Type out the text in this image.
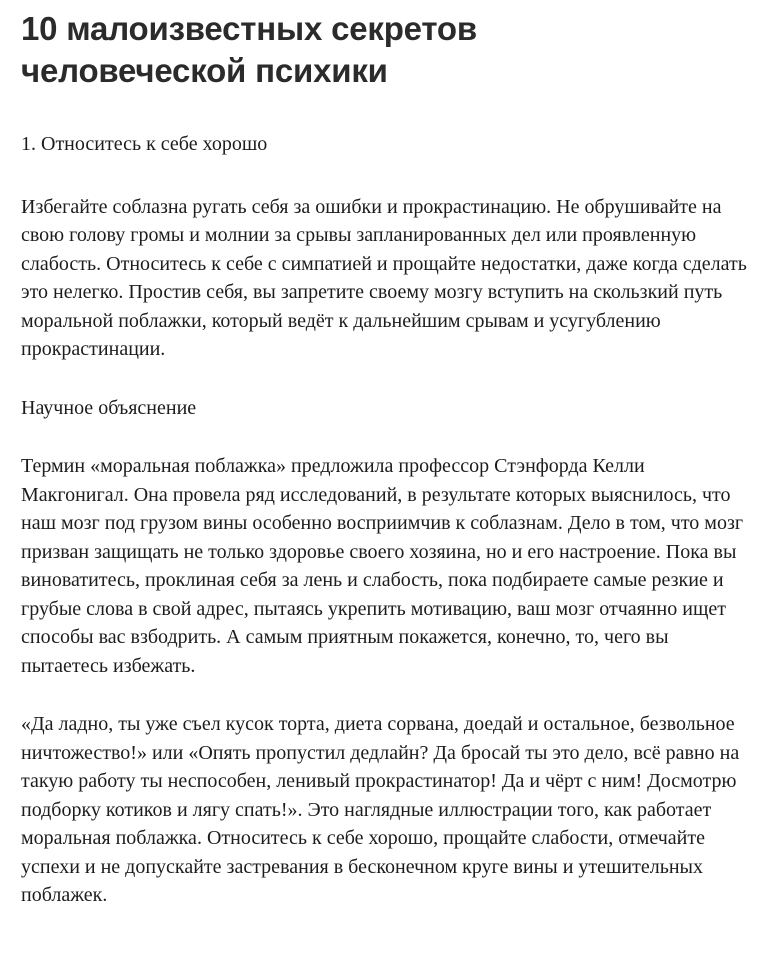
10 малоизвестных секретов человеческой психики

1. Относитесь к себе хорошо

Избегайте соблазна ругать себя за ошибки и прокрастинацию. Не обрушивайте на свою голову громы и молнии за срывы запланированных дел или проявленную слабость. Относитесь к себе с симпатией и прощайте недостатки, даже когда сделать это нелегко. Простив себя, вы запретите своему мозгу вступить на скользкий путь моральной поблажки, который ведёт к дальнейшим срывам и усугублению прокрастинации.

Научное объяснение

Термин «моральная поблажка» предложила профессор Стэнфорда Келли Макгонигал. Она провела ряд исследований, в результате которых выяснилось, что наш мозг под грузом вины особенно восприимчив к соблазнам. Дело в том, что мозг призван защищать не только здоровье своего хозяина, но и его настроение. Пока вы виноватитесь, проклиная себя за лень и слабость, пока подбираете самые резкие и грубые слова в свой адрес, пытаясь укрепить мотивацию, ваш мозг отчаянно ищет способы вас взбодрить. А самым приятным покажется, конечно, то, чего вы пытаетесь избежать.

«Да ладно, ты уже съел кусок торта, диета сорвана, доедай и остальное, безвольное ничтожество!» или «Опять пропустил дедлайн? Да бросай ты это дело, всё равно на такую работу ты неспособен, ленивый прокрастинатор! Да и чёрт с ним! Досмотрю подборку котиков и лягу спать!». Это наглядные иллюстрации того, как работает моральная поблажка. Относитесь к себе хорошо, прощайте слабости, отмечайте успехи и не допускайте застревания в бесконечном круге вины и утешительных поблажек.
